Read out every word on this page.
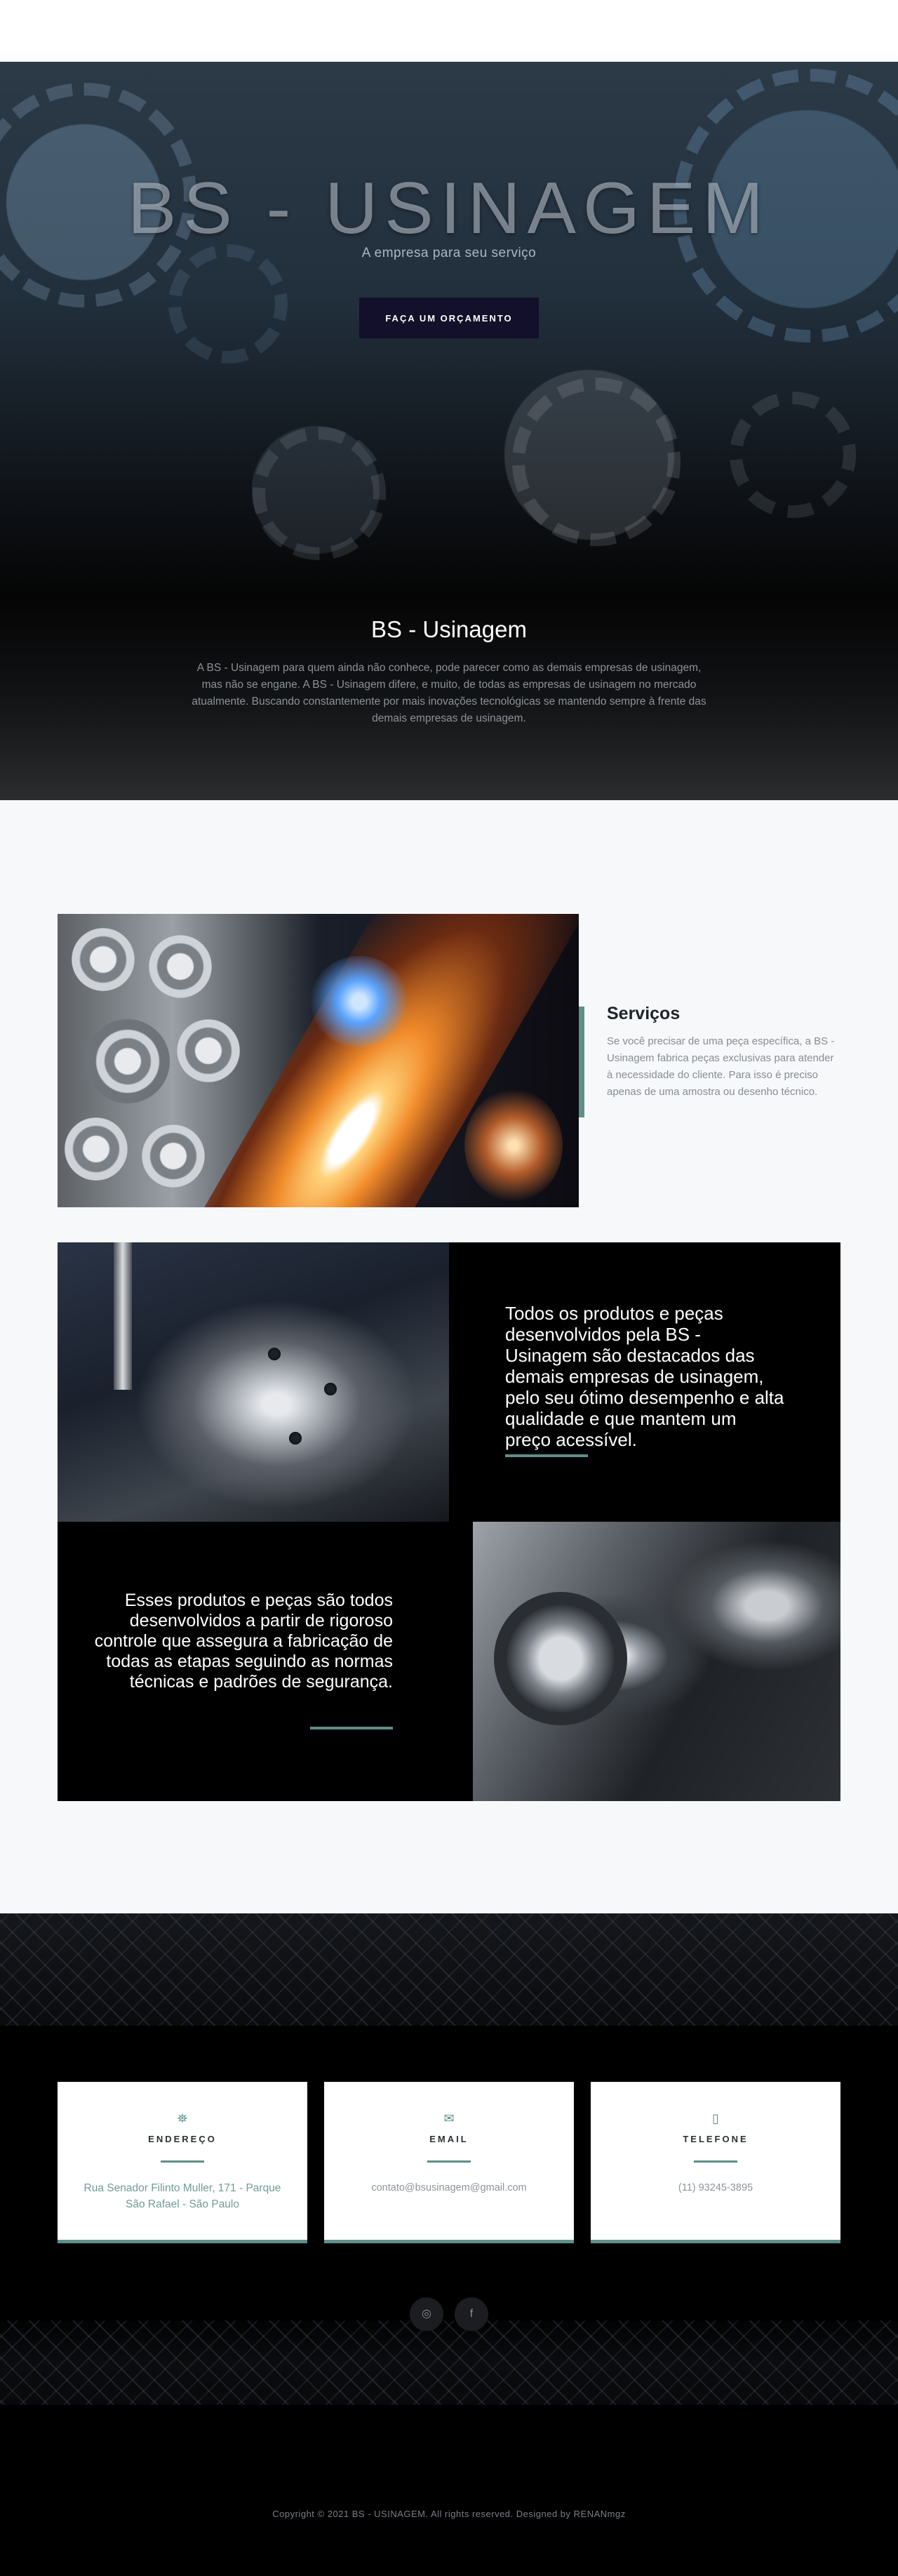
BS - USINAGEM
A empresa para seu serviço
FAÇA UM ORÇAMENTO
BS - Usinagem

A BS - Usinagem para quem ainda não conhece, pode parecer como as demais empresas de usinagem, mas não se engane. A BS - Usinagem difere, e muito, de todas as empresas de usinagem no mercado atualmente. Buscando constantemente por mais inovações tecnológicas se mantendo sempre à frente das demais empresas de usinagem.

Serviços

Se você precisar de uma peça específica, a BS - Usinagem fabrica peças exclusivas para atender à necessidade do cliente. Para isso é preciso apenas de uma amostra ou desenho técnico.

Todos os produtos e peças desenvolvidos pela BS - Usinagem são destacados das demais empresas de usinagem, pelo seu ótimo desempenho e alta qualidade e que mantem um preço acessível.

Esses produtos e peças são todos desenvolvidos a partir de rigoroso controle que assegura a fabricação de todas as etapas seguindo as normas técnicas e padrões de segurança.

⛯
ENDEREÇO
Rua Senador Filinto Muller, 171 - Parque São Rafael - São Paulo
✉
EMAIL
contato@bsusinagem@gmail.com
▯
TELEFONE
(11) 93245-3895
◎	f
Copyright © 2021 BS - USINAGEM. All rights reserved. Designed by RENANmgz
